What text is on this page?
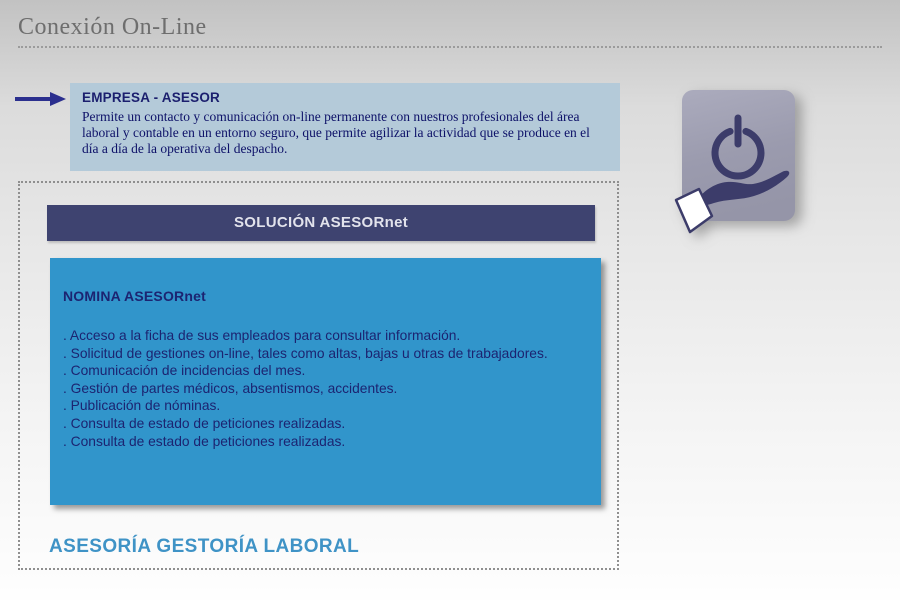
Conexión On-Line
EMPRESA - ASESOR
Permite un contacto y comunicación on-line permanente con nuestros profesionales del área laboral y contable en un entorno seguro, que permite agilizar la actividad que se produce en el día a día de la operativa del despacho.
SOLUCIÓN ASESORnet
NOMINA ASESORnet
. Acceso a la ficha de sus empleados para consultar información.
. Solicitud de gestiones on-line, tales como altas, bajas u otras de trabajadores.
. Comunicación de incidencias del mes.
. Gestión de partes médicos, absentismos, accidentes.
. Publicación de nóminas.
. Consulta de estado de peticiones realizadas.
. Consulta de estado de peticiones realizadas.
ASESORÍA GESTORÍA LABORAL
